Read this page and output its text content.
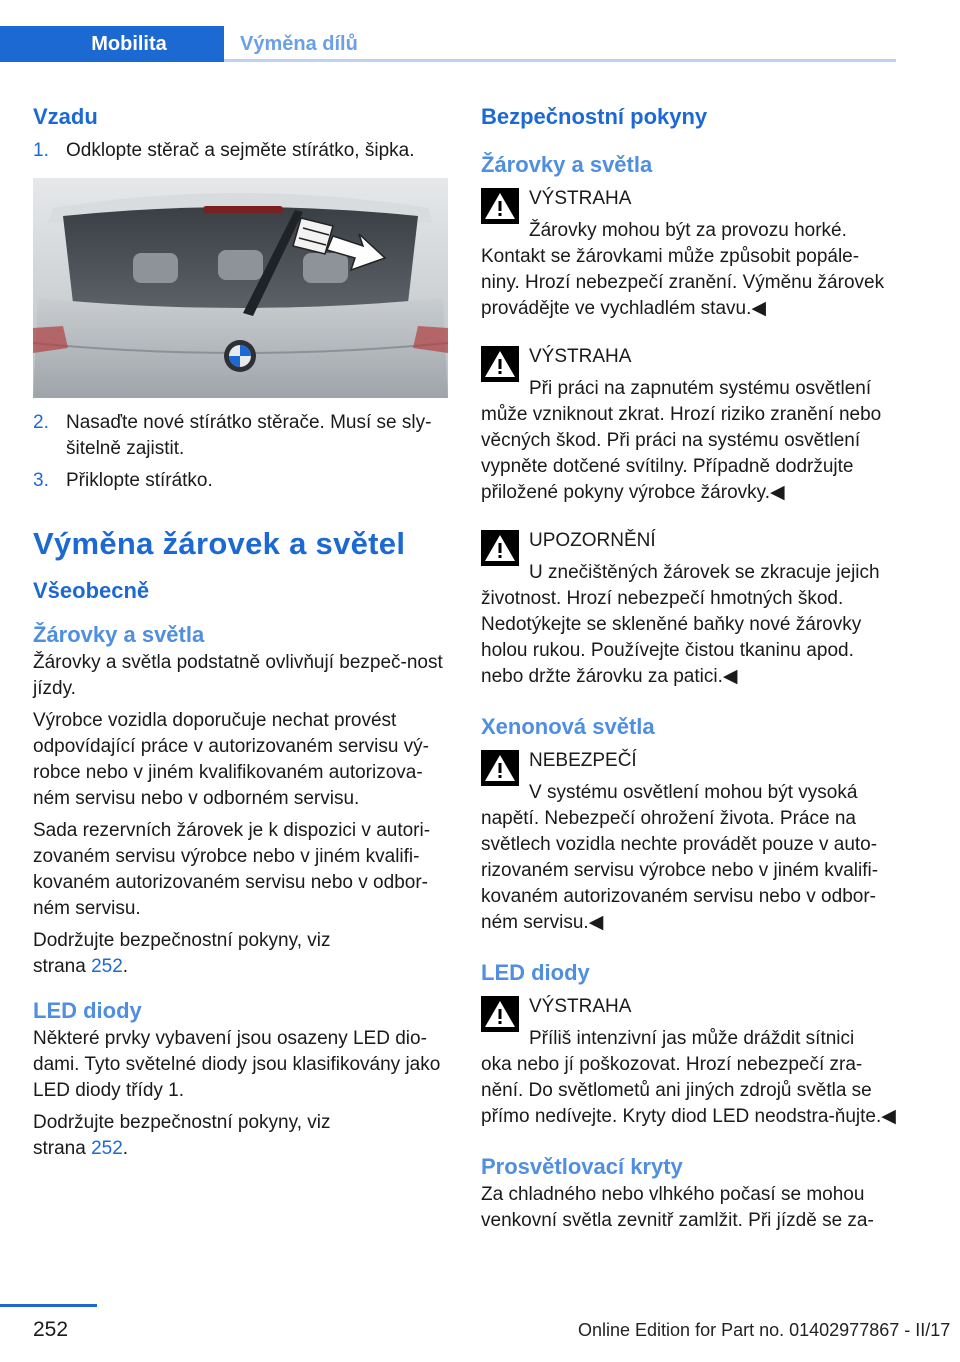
Mobilita	Výměna dílů
Vzadu
1. Odklopte stěrač a sejměte stírátko, šipka.
2. Nasaďte nové stírátko stěrače. Musí se sly‐šitelně zajistit.
3. Přiklopte stírátko.
Výměna žárovek a světel
Všeobecně
Žárovky a světla

Žárovky a světla podstatně ovlivňují bezpeč‐nost jízdy.

Výrobce vozidla doporučuje nechat provést odpovídající práce v autorizovaném servisu vý‐robce nebo v jiném kvalifikovaném autorizova‐ném servisu nebo v odborném servisu.

Sada rezervních žárovek je k dispozici v autori‐zovaném servisu výrobce nebo v jiném kvalifi‐kovaném autorizovaném servisu nebo v odbor‐ném servisu.

Dodržujte bezpečnostní pokyny, viz
strana 252.

LED diody

Některé prvky vybavení jsou osazeny LED dio‐dami. Tyto světelné diody jsou klasifikovány jako LED diody třídy 1.

Dodržujte bezpečnostní pokyny, viz
strana 252.

Bezpečnostní pokyny
Žárovky a světla
VÝSTRAHA
Žárovky mohou být za provozu horké.
Kontakt se žárovkami může způsobit popále‐niny. Hrozí nebezpečí zranění. Výměnu žárovek provádějte ve vychladlém stavu.◀
VÝSTRAHA
Při práci na zapnutém systému osvětlení
může vzniknout zkrat. Hrozí riziko zranění nebo věcných škod. Při práci na systému osvětlení vypněte dotčené svítilny. Případně dodržujte přiložené pokyny výrobce žárovky.◀
UPOZORNĚNÍ
U znečištěných žárovek se zkracuje jejich
životnost. Hrozí nebezpečí hmotných škod. Nedotýkejte se skleněné baňky nové žárovky holou rukou. Používejte čistou tkaninu apod. nebo držte žárovku za patici.◀
Xenonová světla
NEBEZPEČÍ
V systému osvětlení mohou být vysoká
napětí. Nebezpečí ohrožení života. Práce na světlech vozidla nechte provádět pouze v auto‐rizovaném servisu výrobce nebo v jiném kvalifi‐kovaném autorizovaném servisu nebo v odbor‐ném servisu.◀
LED diody
VÝSTRAHA
Příliš intenzivní jas může dráždit sítnici
oka nebo jí poškozovat. Hrozí nebezpečí zra‐nění. Do světlometů ani jiných zdrojů světla se přímo nedívejte. Kryty diod LED neodstra‐ňujte.◀
Prosvětlovací kryty

Za chladného nebo vlhkého počasí se mohou venkovní světla zevnitř zamlžit. Při jízdě se za‐

252	Online Edition for Part no. 01402977867 - II/17
